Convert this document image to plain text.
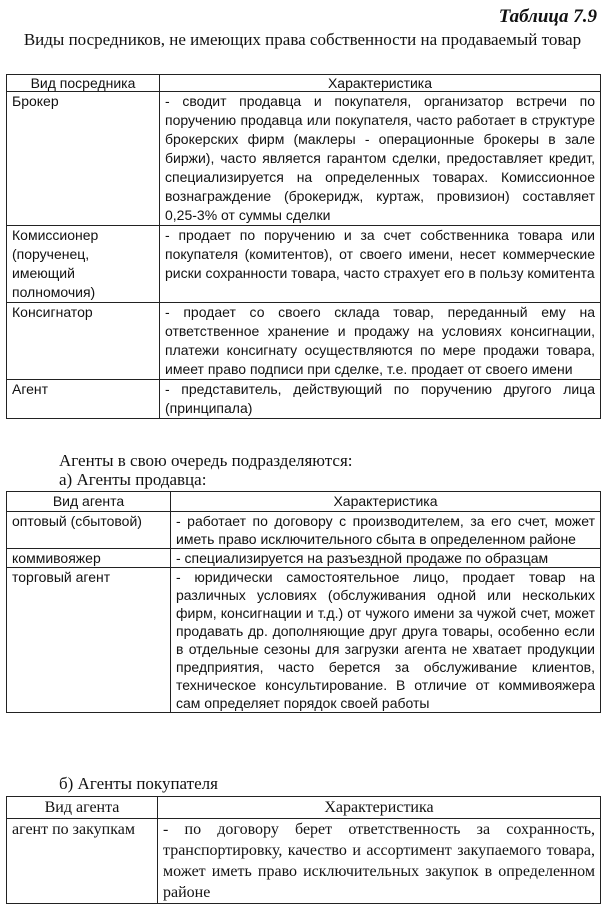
Таблица 7.9
Виды посредников, не имеющих права собственности на продаваемый товар
Вид посредника	Характеристика
Брокер	- сводит продавца и покупателя, организатор встречи по поручению продавца или покупателя, часто работает в структуре брокерских фирм (маклеры - операционные брокеры в зале биржи), часто является гарантом сделки, предоставляет кредит, специализируется на определенных товарах. Комиссионное вознаграждение (брокеридж, куртаж, провизион) составляет 0,25-3% от суммы сделки
Комиссионер (порученец, имеющий полномочия)	- продает по поручению и за счет собственника товара или покупателя (комитентов), от своего имени, несет коммерческие риски сохранности товара, часто страхует его в пользу комитента
Консигнатор	- продает со своего склада товар, переданный ему на ответственное хранение и продажу на условиях консигнации, платежи консигнату осуществляются по мере продажи товара, имеет право подписи при сделке, т.е. продает от своего имени
Агент	- представитель, действующий по поручению другого лица (принципала)
Агенты в свою очередь подразделяются:
а) Агенты продавца:
Вид агента	Характеристика
оптовый (сбытовой)	- работает по договору с производителем, за его счет, может иметь право исключительного сбыта в определенном районе
коммивояжер	- специализируется на разъездной продаже по образцам
торговый агент	- юридически самостоятельное лицо, продает товар на различных условиях (обслуживания одной или нескольких фирм, консигнации и т.д.) от чужого имени за чужой счет, может продавать др. дополняющие друг друга товары, особенно если в отдельные сезоны для загрузки агента не хватает продукции предприятия, часто берется за обслуживание клиентов, техническое консультирование. В отличие от коммивояжера сам определяет порядок своей работы
б) Агенты покупателя
Вид агента	Характеристика
агент по закупкам	- по договору берет ответственность за сохранность, транспортировку, качество и ассортимент закупаемого товара, может иметь право исключительных закупок в определенном районе
